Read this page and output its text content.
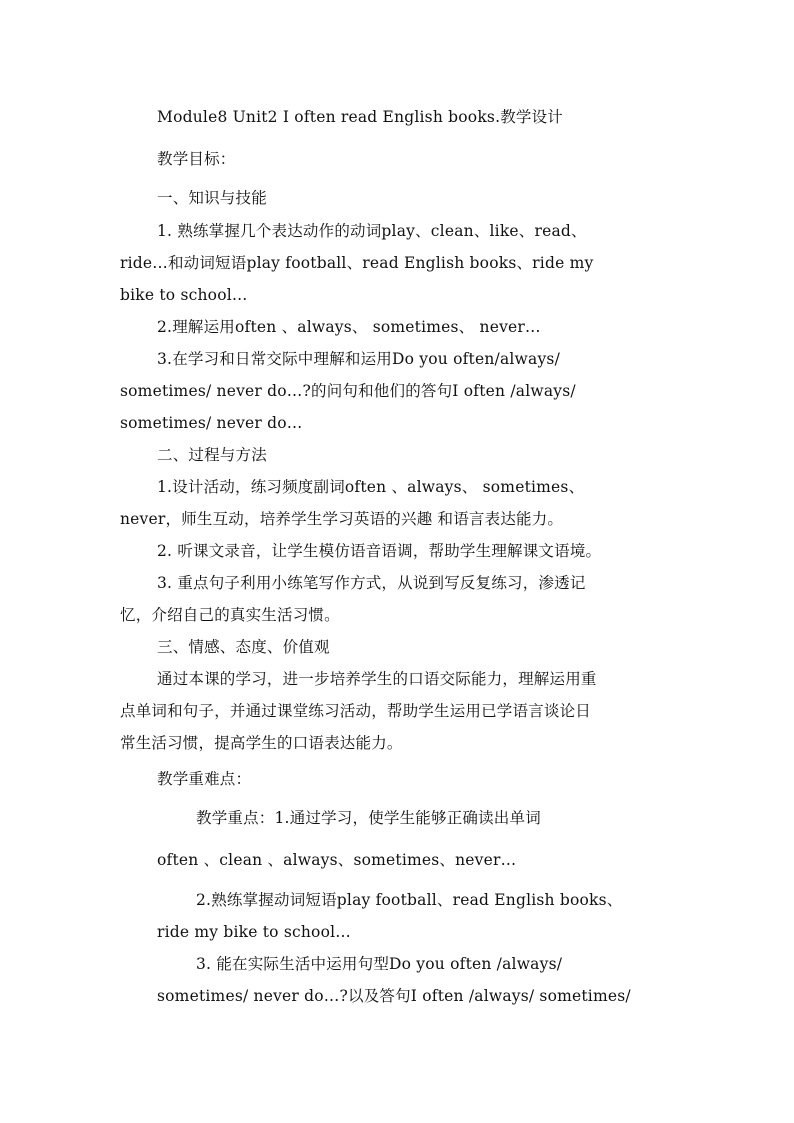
Module8 Unit2 I often read English books.教学设计
教学目标：
一、知识与技能
1. 熟练掌握几个表达动作的动词play、clean、like、read、
ride…和动词短语play football、read English books、ride my
bike to school…
2.理解运用often 、always、 sometimes、 never…
3.在学习和日常交际中理解和运用Do you often/always/
sometimes/ never do…?的问句和他们的答句I often /always/
sometimes/ never do…
二、过程与方法
1.设计活动，练习频度副词often 、always、 sometimes、
never，师生互动，培养学生学习英语的兴趣 和语言表达能力。
2. 听课文录音，让学生模仿语音语调，帮助学生理解课文语境。
3. 重点句子利用小练笔写作方式，从说到写反复练习，渗透记
忆，介绍自己的真实生活习惯。
三、情感、态度、价值观
通过本课的学习，进一步培养学生的口语交际能力，理解运用重
点单词和句子，并通过课堂练习活动，帮助学生运用已学语言谈论日
常生活习惯，提高学生的口语表达能力。
教学重难点：
教学重点：1.通过学习，使学生能够正确读出单词
often 、clean 、always、sometimes、never…
2.熟练掌握动词短语play football、read English books、
ride my bike to school…
3. 能在实际生活中运用句型Do you often /always/
sometimes/ never do…?以及答句I often /always/ sometimes/
